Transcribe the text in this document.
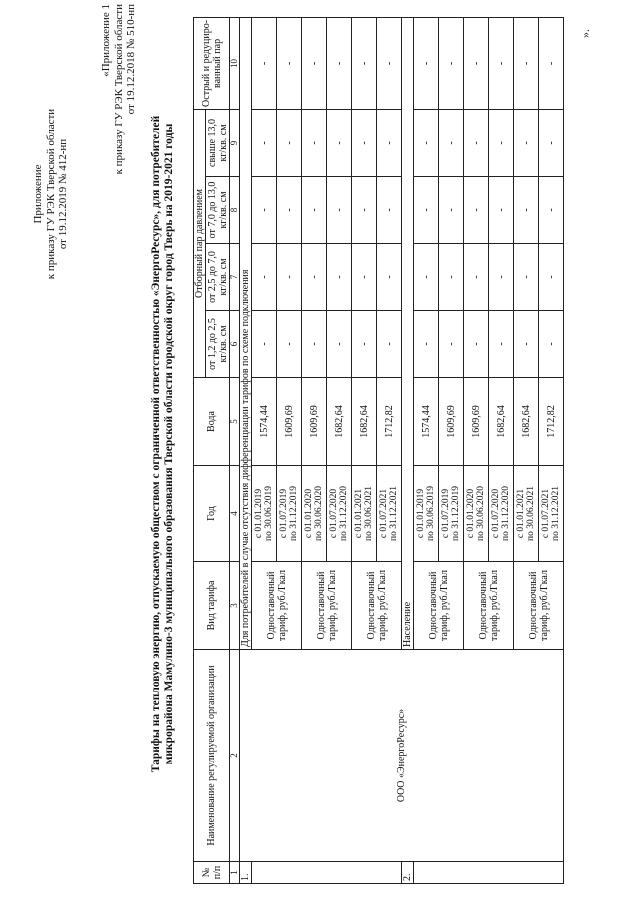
Приложение к приказу ГУ РЭК Тверской области от 19.12.2019 № 412-нп
«Приложение 1 к приказу ГУ РЭК Тверской области от 19.12.2018 № 510-нп
Тарифы на тепловую энергию, отпускаемую обществом с ограниченной ответственностью «ЭнергоРесурс», для потребителей микрорайона Мамулино-3 муниципального образования Тверской области городской округ город Тверь на 2019-2021 годы
№ п/п	Наименование регулируемой организации	Вид тарифа	Год	Вода	Отборный пар давлением				Острый и редуциро-ванный пар
					от 1,2 до 2,5 кг/кв. см	от 2,5 до 7,0 кг/кв. см	от 7,0 до 13,0 кг/кв. см	свыше 13,0 кг/кв. см	
1	2	3	4	5	6	7	8	9	10
1.	ООО «ЭнергоРесурс»	Для потребителей в случае отсутствия дифференциации тарифов по схеме подключения							
		Одноставочный тариф, руб./Гкал	с 01.01.2019 по 30.06.2019	1574,44	-	-	-	-	-

			с 01.07.2019 по 31.12.2019	1609,69	-	-	-	-	-
		Одноставочный тариф, руб./Гкал	с 01.01.2020 по 30.06.2020	1609,69	-	-	-	-	-

			с 01.07.2020 по 31.12.2020	1682,64	-	-	-	-	-
		Одноставочный тариф, руб./Гкал	с 01.01.2021 по 30.06.2021	1682,64	-	-	-	-	-

			с 01.07.2021 по 31.12.2021	1712,82	-	-	-	-	-
2.		Население							
		Одноставочный тариф, руб./Гкал	с 01.01.2019 по 30.06.2019	1574,44	-	-	-	-	-

			с 01.07.2019 по 31.12.2019	1609,69	-	-	-	-	-
		Одноставочный тариф, руб./Гкал	с 01.01.2020 по 30.06.2020	1609,69	-	-	-	-	-

			с 01.07.2020 по 31.12.2020	1682,64	-	-	-	-	-
		Одноставочный тариф, руб./Гкал	с 01.01.2021 по 30.06.2021	1682,64	-	-	-	-	-

			с 01.07.2021 по 31.12.2021	1712,82	-	-	-	-	-
».
